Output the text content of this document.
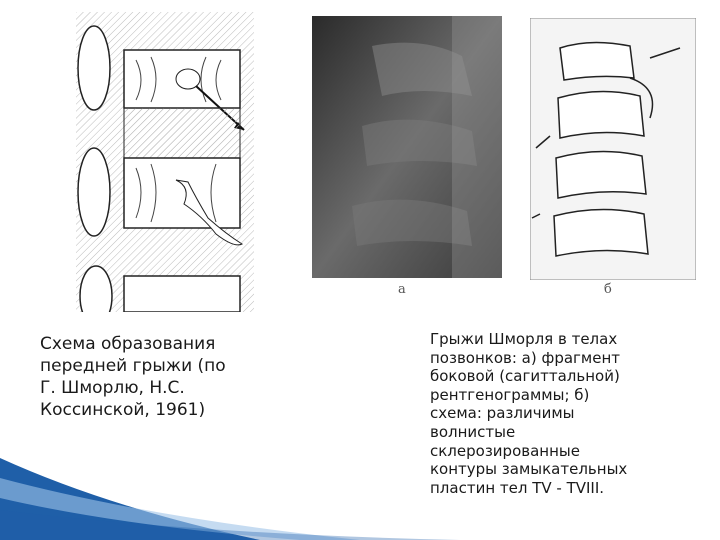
а	б
Схема образования
передней грыжи (по
Г. Шморлю, Н.С.
Коссинской, 1961)
Грыжи Шморля в телах
позвонков: а) фрагмент
боковой (сагиттальной)
рентгенограммы; б)
схема: различимы
волнистые
склерозированные
контуры замыкательных
пластин тел TV - TVIII.
